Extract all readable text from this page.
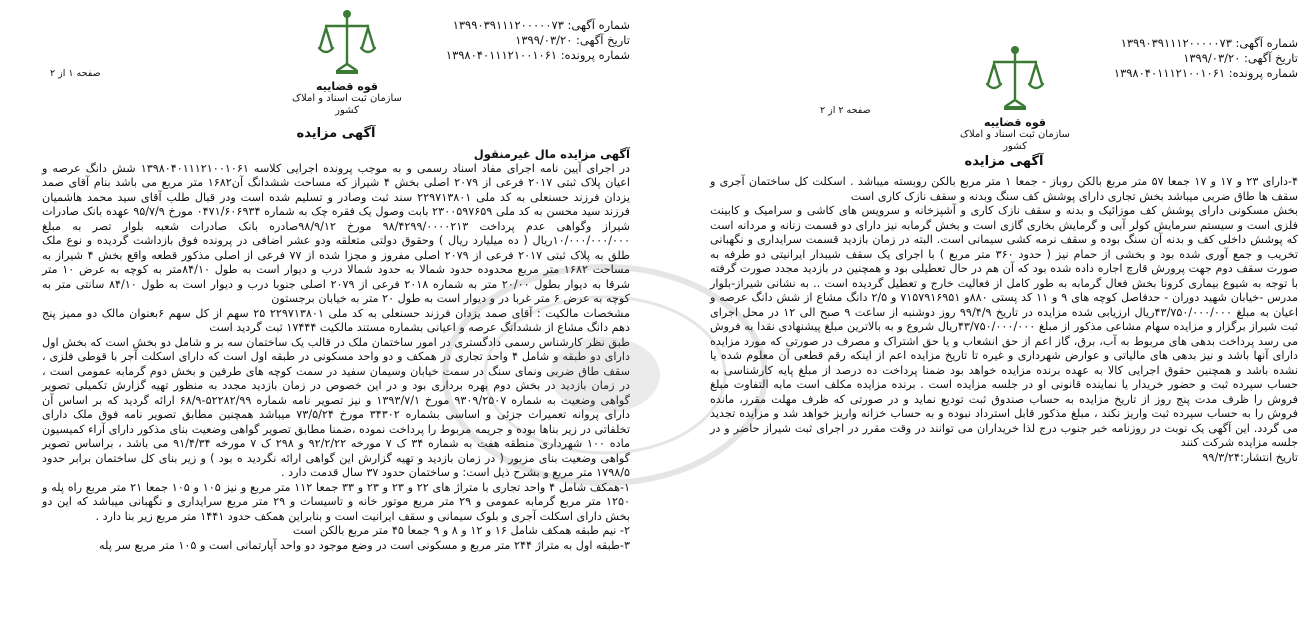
شماره آگهی: ۱۳۹۹۰۳۹۱۱۱۲۰۰۰۰۰۷۳
تاریخ آگهی: ۱۳۹۹/۰۳/۲۰
شماره پرونده: ۱۳۹۸۰۴۰۱۱۱۲۱۰۰۱۰۶۱
قوه قضاییه
سازمان ثبت اسناد و املاک کشور
صفحه ۱ از ۲
آگهی مزایده
آگهی مزایده مال غیرمنقول

در اجرای آیین نامه اجرای مفاد اسناد رسمی و به موجب پرونده اجرایی کلاسه ۱۳۹۸۰۴۰۱۱۱۲۱۰۰۱۰۶۱ شش دانگ عرصه و اعیان پلاک ثبتی ۲۰۱۷ فرعی از ۲۰۷۹ اصلی بخش ۴ شیراز که مساحت ششدانگ آن۱۶۸۲ متر مربع می باشد بنام آقای صمد یزدان فرزند حسنعلی به کد ملی ۲۲۹۷۱۳۸۰۱ سند ثبت وصادر و تسلیم شده است ودر قبال طلب آقای سید محمد هاشمیان فرزند سید محسن به کد ملی ۲۳۰۰۵۹۷۶۵۹ بابت وصول یک فقره چک به شماره ۰۴۷۱/۶۰۶۹۳۴ مورخ ۹۵/۷/۹ عهده بانک صادرات شیراز وگواهی عدم پرداخت ۹۸/۴۲۹۹/۰۰۰۰۲۱۳ مورخ ۹۸/۹/۱۲صادره بانک صادرات شعبه بلوار تصر به مبلغ ۱۰/۰۰۰/۰۰۰/۰۰۰ریال ( ده میلیارد ریال ) وحقوق دولتی متعلقه ودو عشر اضافی در پرونده فوق بازداشت گردیده و نوع ملک طلق به پلاک ثبتی ۲۰۱۷ فرعی از ۲۰۷۹ اصلی مفروز و مجزا شده از ۷۷ فرعی از اصلی مذکور قطعه واقع بخش ۴ شیراز به مساحت ۱۶۸۲ متر مربع محدوده حدود شمالا به حدود شمالا درب و دیوار است به طول ۸۴/۱۰متر به کوچه به عرض ۱۰ متر شرقا به دیوار بطول ۲۰/۰۰ متر به شماره ۲۰۱۸ فرعی از ۲۰۷۹ اصلی جنوبا درب و دیوار است به طول ۸۴/۱۰ سانتی متر به کوچه به عرض ۶ متر غربا در و دیوار است به طول ۲۰ متر به خیابان برجستون

مشخصات مالکیت : آقای صمد یزدان فرزند حسنعلی به کد ملی ۲۲۹۷۱۳۸۰۱ ۲۵ سهم از کل سهم ۶بعنوان مالک دو ممیز پنج دهم دانگ مشاع از ششدانگ عرصه و اعیانی بشماره مستند مالکیت ۱۷۴۴۴ ثبت گردید است

طبق نظر کارشناس رسمی دادگستری در امور ساختمان ملک در قالب یک ساختمان سه بر و شامل دو بخش است که بخش اول دارای دو طبقه و شامل ۴ واحد تجاری در همکف و دو واحد مسکونی در طبقه اول است که دارای اسکلت آجر با قوطی فلزی ، سقف طاق ضربی ونمای سنگ در سمت خیابان وسیمان سفید در سمت کوچه های طرفین و بخش دوم گرمابه عمومی است ، در زمان بازدید در بخش دوم بهره برداری بود و در این خصوص در زمان بازدید مجدد به منظور تهیه گزارش تکمیلی تصویر گواهی وضعیت به شماره ۹۳۰۹/۲۵۰۷ مورخ ۱۳۹۳/۷/۱ و نیز تصویر نامه شماره ۵۲۲۸۲/۹۹-۶۸/۹ ارائه گردید که بر اساس آن دارای پروانه تعمیرات جزئی و اساسی بشماره ۳۴۳۰۲ مورخ ۷۳/۵/۲۴ میباشد همچنین مطابق تصویر نامه فوق ملک دارای تخلفاتی در زیر بناها بوده و جریمه مربوط را پرداخت نموده ،ضمنا مطابق تصویر گواهی وضعیت بنای مذکور دارای آراء کمیسیون ماده ۱۰۰ شهرداری منطقه هفت به شماره ۳۴ ک ۷ مورخه ۹۲/۲/۲۲ و ۲۹۸ ک ۷ مورخه ۹۱/۴/۳۴ می باشد ، براساس تصویر گواهی وضعیت بنای مزبور ( در زمان بازدید و تهیه گزارش این گواهی ارائه نگردید ه بود ) و زیر بنای کل ساختمان برابر حدود ۱۷۹۸/۵ متر مربع و بشرح ذیل است: و ساختمان حدود ۳۷ سال قدمت دارد .

۱-همکف شامل ۴ واحد تجاری با متراژ های ۲۲ و ۲۳ و ۲۳ و ۳۳ جمعا ۱۱۲ متر مربع و نیز ۱۰۵ و ۱۰۵ جمعا ۲۱ متر مربع راه پله و ۱۲۵۰ متر مربع گرمابه عمومی و ۲۹ متر مربع موتور خانه و تاسیسات و ۲۹ متر مربع سرایداری و نگهبانی میباشد که این دو بخش دارای اسکلت آجری و بلوک سیمانی و سقف ایرانیت است و بنابراین همکف حدود ۱۴۴۱ متر مربع زیر بنا دارد .

۲- نیم طبقه همکف شامل ۱۶ و ۱۲ و ۸ و ۹ جمعا ۴۵ متر مربع بالکن است

۳-طبقه اول به متراژ ۲۴۴ متر مربع و مسکونی است در وضع موجود دو واحد آپارتمانی است و ۱۰۵ متر مربع سر پله

شماره آگهی: ۱۳۹۹۰۳۹۱۱۱۲۰۰۰۰۰۷۳
تاریخ آگهی: ۱۳۹۹/۰۳/۲۰
شماره پرونده: ۱۳۹۸۰۴۰۱۱۱۲۱۰۰۱۰۶۱
قوه قضاییه
سازمان ثبت اسناد و املاک کشور
صفحه ۲ از ۲
آگهی مزایده

۴-دارای ۲۳ و ۱۷ و ۱۷ جمعا ۵۷ متر مربع بالکن روباز - جمعا ۱ متر مربع بالکن روبسته میباشد . اسکلت کل ساختمان آجری و سقف ها طاق ضربی میباشد بخش تجاری دارای پوشش کف سنگ وبدنه و سقف نازک کاری است

بخش مسکونی دارای پوشش کف موزائیک و بدنه و سقف نازک کاری و آشپزخانه و سرویس های کاشی و سرامیک و کابینت فلزی است و سیستم سرمایش کولر آبی و گرمایش بخاری گازی است و بخش گرمابه نیز دارای دو قسمت زنانه و مردانه است که پوشش داخلی کف و بدنه آن سنگ بوده و سقف نرمه کشی سیمانی است. البته در زمان بازدید قسمت سرایداری و نگهبانی تخریب و جمع آوری شده بود و بخشی از حمام نیز ( حدود ۳۶۰ متر مربع ) با اجرای یک سقف شیبدار ایرانیتی دو طرفه به صورت سقف دوم جهت پرورش قارچ اجاره داده شده بود که آن هم در حال تعطیلی بود و همچنین در بازدید مجدد صورت گرفته با توجه به شیوع بیماری کرونا بخش فعال گرمابه به طور کامل از فعالیت خارج و تعطیل گردیده است .. به نشانی شیراز-بلوار مدرس -خیابان شهید دوران - حدفاصل کوچه های ۹ و ۱۱ کد پستی ۸۸۰و ۷۱۵۷۹۱۶۹۵۱ و ۲/۵ دانگ مشاع از شش دانگ عرصه و اعیان به مبلغ ۴۳/۷۵۰/۰۰۰/۰۰۰ریال ارزیابی شده مزایده در تاریخ ۹۹/۴/۹ روز دوشنبه از ساعت ۹ صبح الی ۱۲ در محل اجرای ثبت شیراز برگزار و مزایده سهام مشاعی مذکور از مبلغ ۴۳/۷۵۰/۰۰۰/۰۰۰ریال شروع و به بالاترین مبلغ پیشنهادی نقدا به فروش می رسد پرداخت بدهی های مربوط به آب، برق، گاز اعم از حق انشعاب و یا حق اشتراک و مصرف در صورتی که مورد مزایده دارای آنها باشد و نیز بدهی های مالیاتی و عوارض شهرداری و غیره تا تاریخ مزایده اعم از اینکه رقم قطعی آن معلوم شده یا نشده باشد و همچنین حقوق اجرایی کالا به عهده برنده مزایده خواهد بود ضمنا پرداخت ده درصد از مبلغ پایه کارشناسی به حساب سپرده ثبت و حضور خریدار یا نماینده قانونی او در جلسه مزایده است . برنده مزایده مکلف است مابه التفاوت مبلغ فروش را ظرف مدت پنج روز از تاریخ مزایده به حساب صندوق ثبت تودیع نماید و در صورتی که ظرف مهلت مقرر، مانده فروش را به حساب سپرده ثبت واریز نکند ، مبلغ مذکور قابل استرداد نبوده و به حساب خزانه واریز خواهد شد و مزایده تجدید می گردد. این آگهی یک نوبت در روزنامه خبر جنوب درج لذا خریداران می توانند در وقت مقرر در اجرای ثبت شیراز حاضر و در جلسه مزایده شرکت کنند

تاریخ انتشار:۹۹/۳/۲۴
